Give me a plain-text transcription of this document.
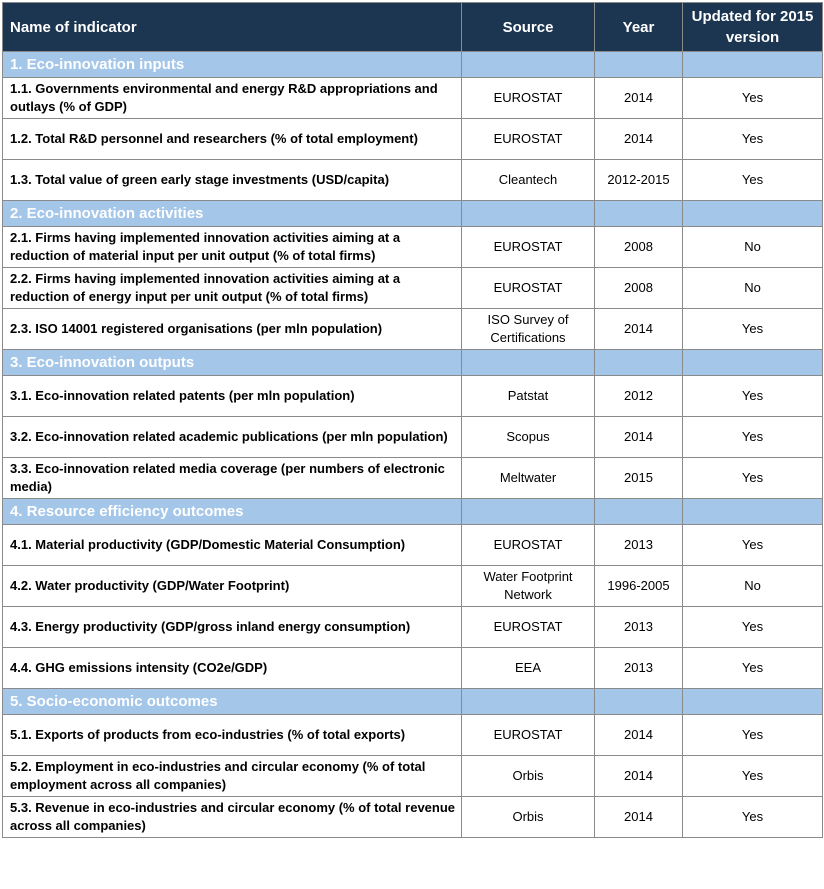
Name of indicator	Source	Year	Updated for 2015 version
1. Eco-innovation inputs			
1.1. Governments environmental and energy R&D appropriations and outlays (% of GDP)	EUROSTAT	2014	Yes
1.2. Total R&D personnel and researchers (% of total employment)	EUROSTAT	2014	Yes
1.3. Total value of green early stage investments (USD/capita)	Cleantech	2012-2015	Yes
2. Eco-innovation activities			
2.1. Firms having implemented innovation activities aiming at a reduction of material input per unit output (% of total firms)	EUROSTAT	2008	No
2.2. Firms having implemented innovation activities aiming at a reduction of energy input per unit output (% of total firms)	EUROSTAT	2008	No
2.3. ISO 14001 registered organisations (per mln population)	ISO Survey of Certifications	2014	Yes
3. Eco-innovation outputs			
3.1. Eco-innovation related patents (per mln population)	Patstat	2012	Yes
3.2. Eco-innovation related academic publications (per mln population)	Scopus	2014	Yes
3.3. Eco-innovation related media coverage (per numbers of electronic media)	Meltwater	2015	Yes
4. Resource efficiency outcomes			
4.1. Material productivity (GDP/Domestic Material Consumption)	EUROSTAT	2013	Yes
4.2. Water productivity (GDP/Water Footprint)	Water Footprint Network	1996-2005	No
4.3. Energy productivity (GDP/gross inland energy consumption)	EUROSTAT	2013	Yes
4.4. GHG emissions intensity (CO2e/GDP)	EEA	2013	Yes
5. Socio-economic outcomes			
5.1. Exports of products from eco-industries (% of total exports)	EUROSTAT	2014	Yes
5.2. Employment in eco-industries and circular economy (% of total employment across all companies)	Orbis	2014	Yes
5.3. Revenue in eco-industries and circular economy (% of total revenue across all companies)	Orbis	2014	Yes
